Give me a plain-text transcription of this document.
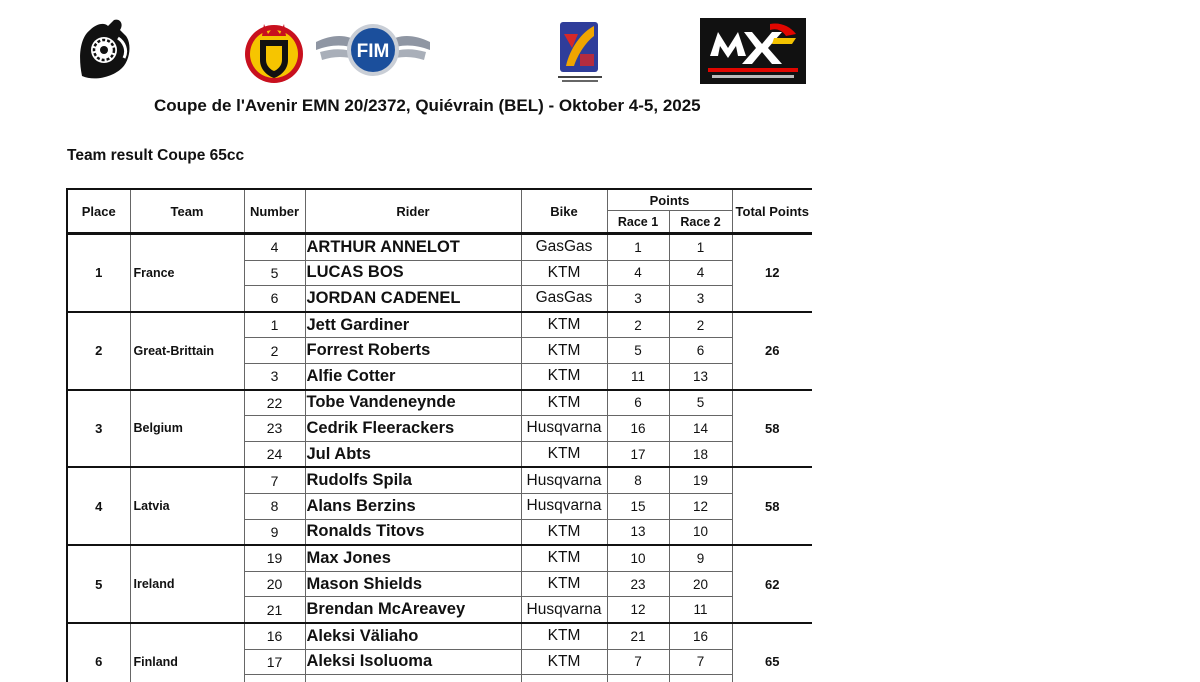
FIM
Coupe de l'Avenir EMN 20/2372, Quiévrain (BEL) - Oktober 4-5, 2025
Team result Coupe 65cc
Place	Team	Number	Rider	Bike	Points		Total Points
					Race 1	Race 2	
1	France	4	ARTHUR ANNELOT	GasGas	1	1	12
		5	LUCAS BOS	KTM	4	4	
		6	JORDAN CADENEL	GasGas	3	3	
2	Great-Brittain	1	Jett Gardiner	KTM	2	2	26
		2	Forrest Roberts	KTM	5	6	
		3	Alfie Cotter	KTM	11	13	
3	Belgium	22	Tobe Vandeneynde	KTM	6	5	58
		23	Cedrik Fleerackers	Husqvarna	16	14	
		24	Jul Abts	KTM	17	18	
4	Latvia	7	Rudolfs Spila	Husqvarna	8	19	58
		8	Alans Berzins	Husqvarna	15	12	
		9	Ronalds Titovs	KTM	13	10	
5	Ireland	19	Max Jones	KTM	10	9	62
		20	Mason Shields	KTM	23	20	
		21	Brendan McAreavey	Husqvarna	12	11	
6	Finland	16	Aleksi Väliaho	KTM	21	16	65
		17	Aleksi Isoluoma	KTM	7	7	
